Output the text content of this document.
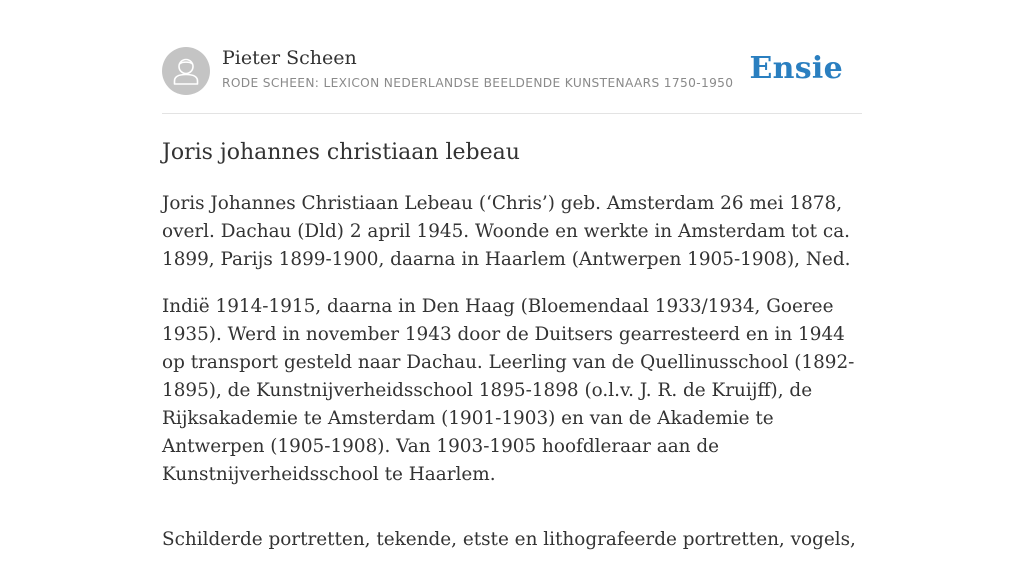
Pieter Scheen
RODE SCHEEN: LEXICON NEDERLANDSE BEELDENDE KUNSTENAARS 1750-1950 Ensie
Joris johannes christiaan lebeau

Joris Johannes Christiaan Lebeau (‘Chris’) geb. Amsterdam 26 mei 1878, overl. Dachau (Dld) 2 april 1945. Woonde en werkte in Amsterdam tot ca. 1899, Parijs 1899-1900, daarna in Haarlem (Antwerpen 1905-1908), Ned.

Indië 1914-1915, daarna in Den Haag (Bloemendaal 1933/1934, Goeree 1935). Werd in november 1943 door de Duitsers gearresteerd en in 1944 op transport gesteld naar Dachau. Leerling van de Quellinusschool (1892-1895), de Kunstnijverheidsschool 1895-1898 (o.l.v. J. R. de Kruijff), de Rijksakademie te Amsterdam (1901-1903) en van de Akademie te Antwerpen (1905-1908). Van 1903-1905 hoofdleraar aan de Kunstnijverheidsschool te Haarlem.

Schilderde portretten, tekende, etste en lithografeerde portretten, vogels,
